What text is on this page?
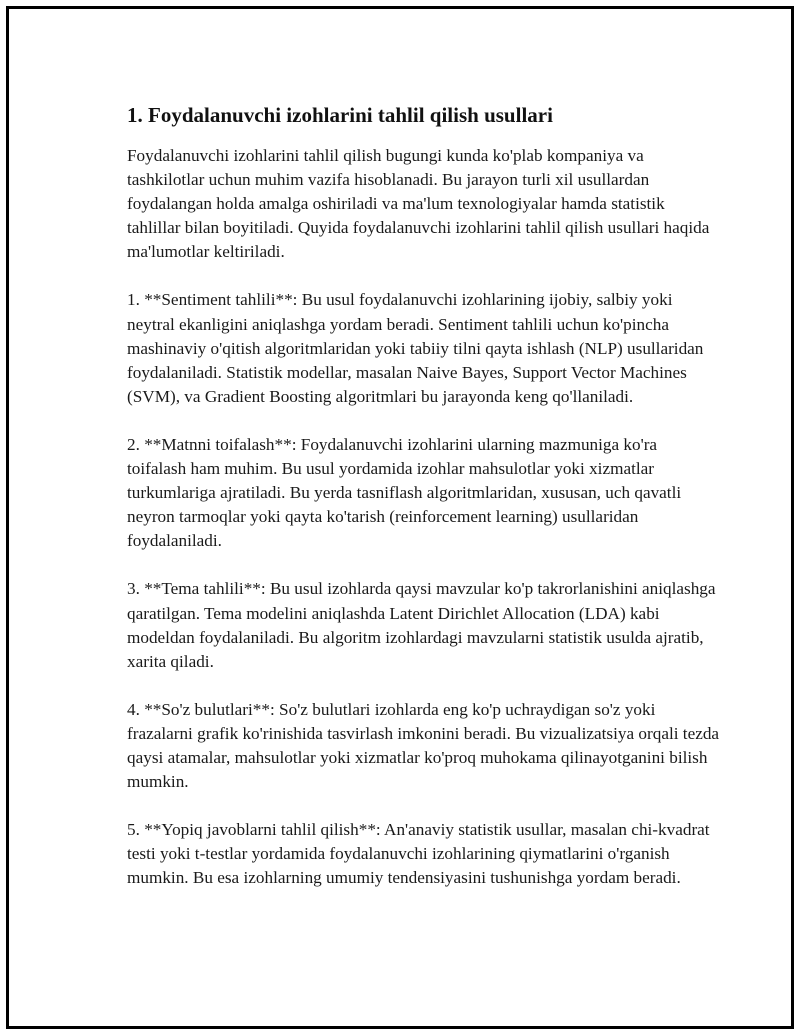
1. Foydalanuvchi izohlarini tahlil qilish usullari

Foydalanuvchi izohlarini tahlil qilish bugungi kunda ko'plab kompaniya va tashkilotlar uchun muhim vazifa hisoblanadi. Bu jarayon turli xil usullardan foydalangan holda amalga oshiriladi va ma'lum texnologiyalar hamda statistik tahlillar bilan boyitiladi. Quyida foydalanuvchi izohlarini tahlil qilish usullari haqida ma'lumotlar keltiriladi.

1. **Sentiment tahlili**: Bu usul foydalanuvchi izohlarining ijobiy, salbiy yoki neytral ekanligini aniqlashga yordam beradi. Sentiment tahlili uchun ko'pincha mashinaviy o'qitish algoritmlaridan yoki tabiiy tilni qayta ishlash (NLP) usullaridan foydalaniladi. Statistik modellar, masalan Naive Bayes, Support Vector Machines (SVM), va Gradient Boosting algoritmlari bu jarayonda keng qo'llaniladi.

2. **Matnni toifalash**: Foydalanuvchi izohlarini ularning mazmuniga ko'ra toifalash ham muhim. Bu usul yordamida izohlar mahsulotlar yoki xizmatlar turkumlariga ajratiladi. Bu yerda tasniflash algoritmlaridan, xususan, uch qavatli neyron tarmoqlar yoki qayta ko'tarish (reinforcement learning) usullaridan foydalaniladi.

3. **Tema tahlili**: Bu usul izohlarda qaysi mavzular ko'p takrorlanishini aniqlashga qaratilgan. Tema modelini aniqlashda Latent Dirichlet Allocation (LDA) kabi modeldan foydalaniladi. Bu algoritm izohlardagi mavzularni statistik usulda ajratib, xarita qiladi.

4. **So'z bulutlari**: So'z bulutlari izohlarda eng ko'p uchraydigan so'z yoki frazalarni grafik ko'rinishida tasvirlash imkonini beradi. Bu vizualizatsiya orqali tezda qaysi atamalar, mahsulotlar yoki xizmatlar ko'proq muhokama qilinayotganini bilish mumkin.

5. **Yopiq javoblarni tahlil qilish**: An'anaviy statistik usullar, masalan chi-kvadrat testi yoki t-testlar yordamida foydalanuvchi izohlarining qiymatlarini o'rganish mumkin. Bu esa izohlarning umumiy tendensiyasini tushunishga yordam beradi.
